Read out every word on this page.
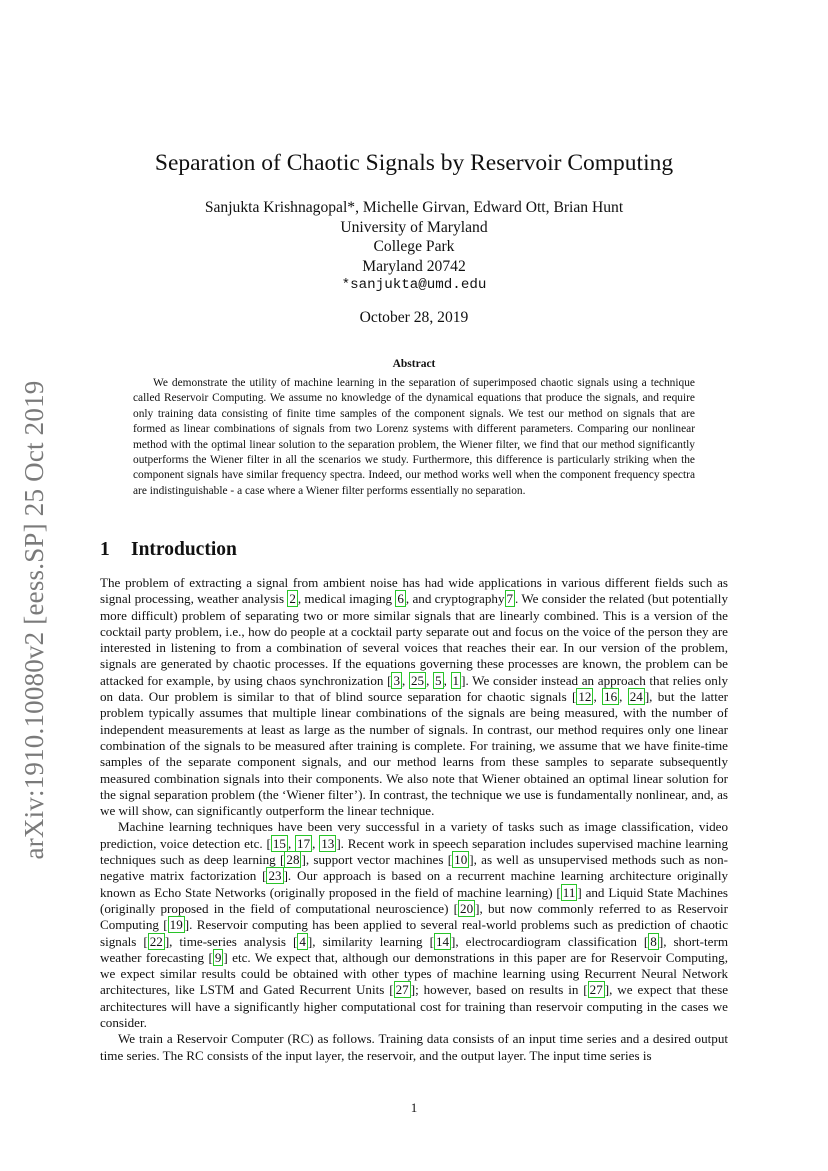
arXiv:1910.10080v2 [eess.SP] 25 Oct 2019
Separation of Chaotic Signals by Reservoir Computing
Sanjukta Krishnagopal*, Michelle Girvan, Edward Ott, Brian Hunt
University of Maryland
College Park
Maryland 20742
*sanjukta@umd.edu
October 28, 2019
Abstract

We demonstrate the utility of machine learning in the separation of superimposed chaotic signals using a technique called Reservoir Computing. We assume no knowledge of the dynamical equations that produce the signals, and require only training data consisting of finite time samples of the component signals. We test our method on signals that are formed as linear combinations of signals from two Lorenz systems with different parameters. Comparing our nonlinear method with the optimal linear solution to the separation problem, the Wiener filter, we find that our method significantly outperforms the Wiener filter in all the scenarios we study. Furthermore, this difference is particularly striking when the component signals have similar frequency spectra. Indeed, our method works well when the component frequency spectra are indistinguishable - a case where a Wiener filter performs essentially no separation.

1 Introduction

The problem of extracting a signal from ambient noise has had wide applications in various different fields such as signal processing, weather analysis 2 , medical imaging 6 , and cryptography 7 . We consider the related (but potentially more difficult) problem of separating two or more similar signals that are linearly combined. This is a version of the cocktail party problem, i.e., how do people at a cocktail party separate out and focus on the voice of the person they are interested in listening to from a combination of several voices that reaches their ear. In our version of the problem, signals are generated by chaotic processes. If the equations governing these processes are known, the problem can be attacked for example, by using chaos synchronization [ 3 , 25 , 5 , 1 ]. We consider instead an approach that relies only on data. Our problem is similar to that of blind source separation for chaotic signals [ 12 , 16 , 24 ], but the latter problem typically assumes that multiple linear combinations of the signals are being measured, with the number of independent measurements at least as large as the number of signals. In contrast, our method requires only one linear combination of the signals to be measured after training is complete. For training, we assume that we have finite-time samples of the separate component signals, and our method learns from these samples to separate subsequently measured combination signals into their components. We also note that Wiener obtained an optimal linear solution for the signal separation problem (the ‘Wiener filter’). In contrast, the technique we use is fundamentally nonlinear, and, as we will show, can significantly outperform the linear technique.

Machine learning techniques have been very successful in a variety of tasks such as image classification, video prediction, voice detection etc. [ 15 , 17 , 13 ]. Recent work in speech separation includes supervised machine learning techniques such as deep learning [ 28 ], support vector machines [ 10 ], as well as unsupervised methods such as non-negative matrix factorization [ 23 ]. Our approach is based on a recurrent machine learning architecture originally known as Echo State Networks (originally proposed in the field of machine learning) [ 11 ] and Liquid State Machines (originally proposed in the field of computational neuroscience) [ 20 ], but now commonly referred to as Reservoir Computing [ 19 ]. Reservoir computing has been applied to several real-world problems such as prediction of chaotic signals [ 22 ], time-series analysis [ 4 ], similarity learning [ 14 ], electrocardiogram classification [ 8 ], short-term weather forecasting [ 9 ] etc. We expect that, although our demonstrations in this paper are for Reservoir Computing, we expect similar results could be obtained with other types of machine learning using Recurrent Neural Network architectures, like LSTM and Gated Recurrent Units [ 27 ]; however, based on results in [ 27 ], we expect that these architectures will have a significantly higher computational cost for training than reservoir computing in the cases we consider.

We train a Reservoir Computer (RC) as follows. Training data consists of an input time series and a desired output time series. The RC consists of the input layer, the reservoir, and the output layer. The input time series is

1
